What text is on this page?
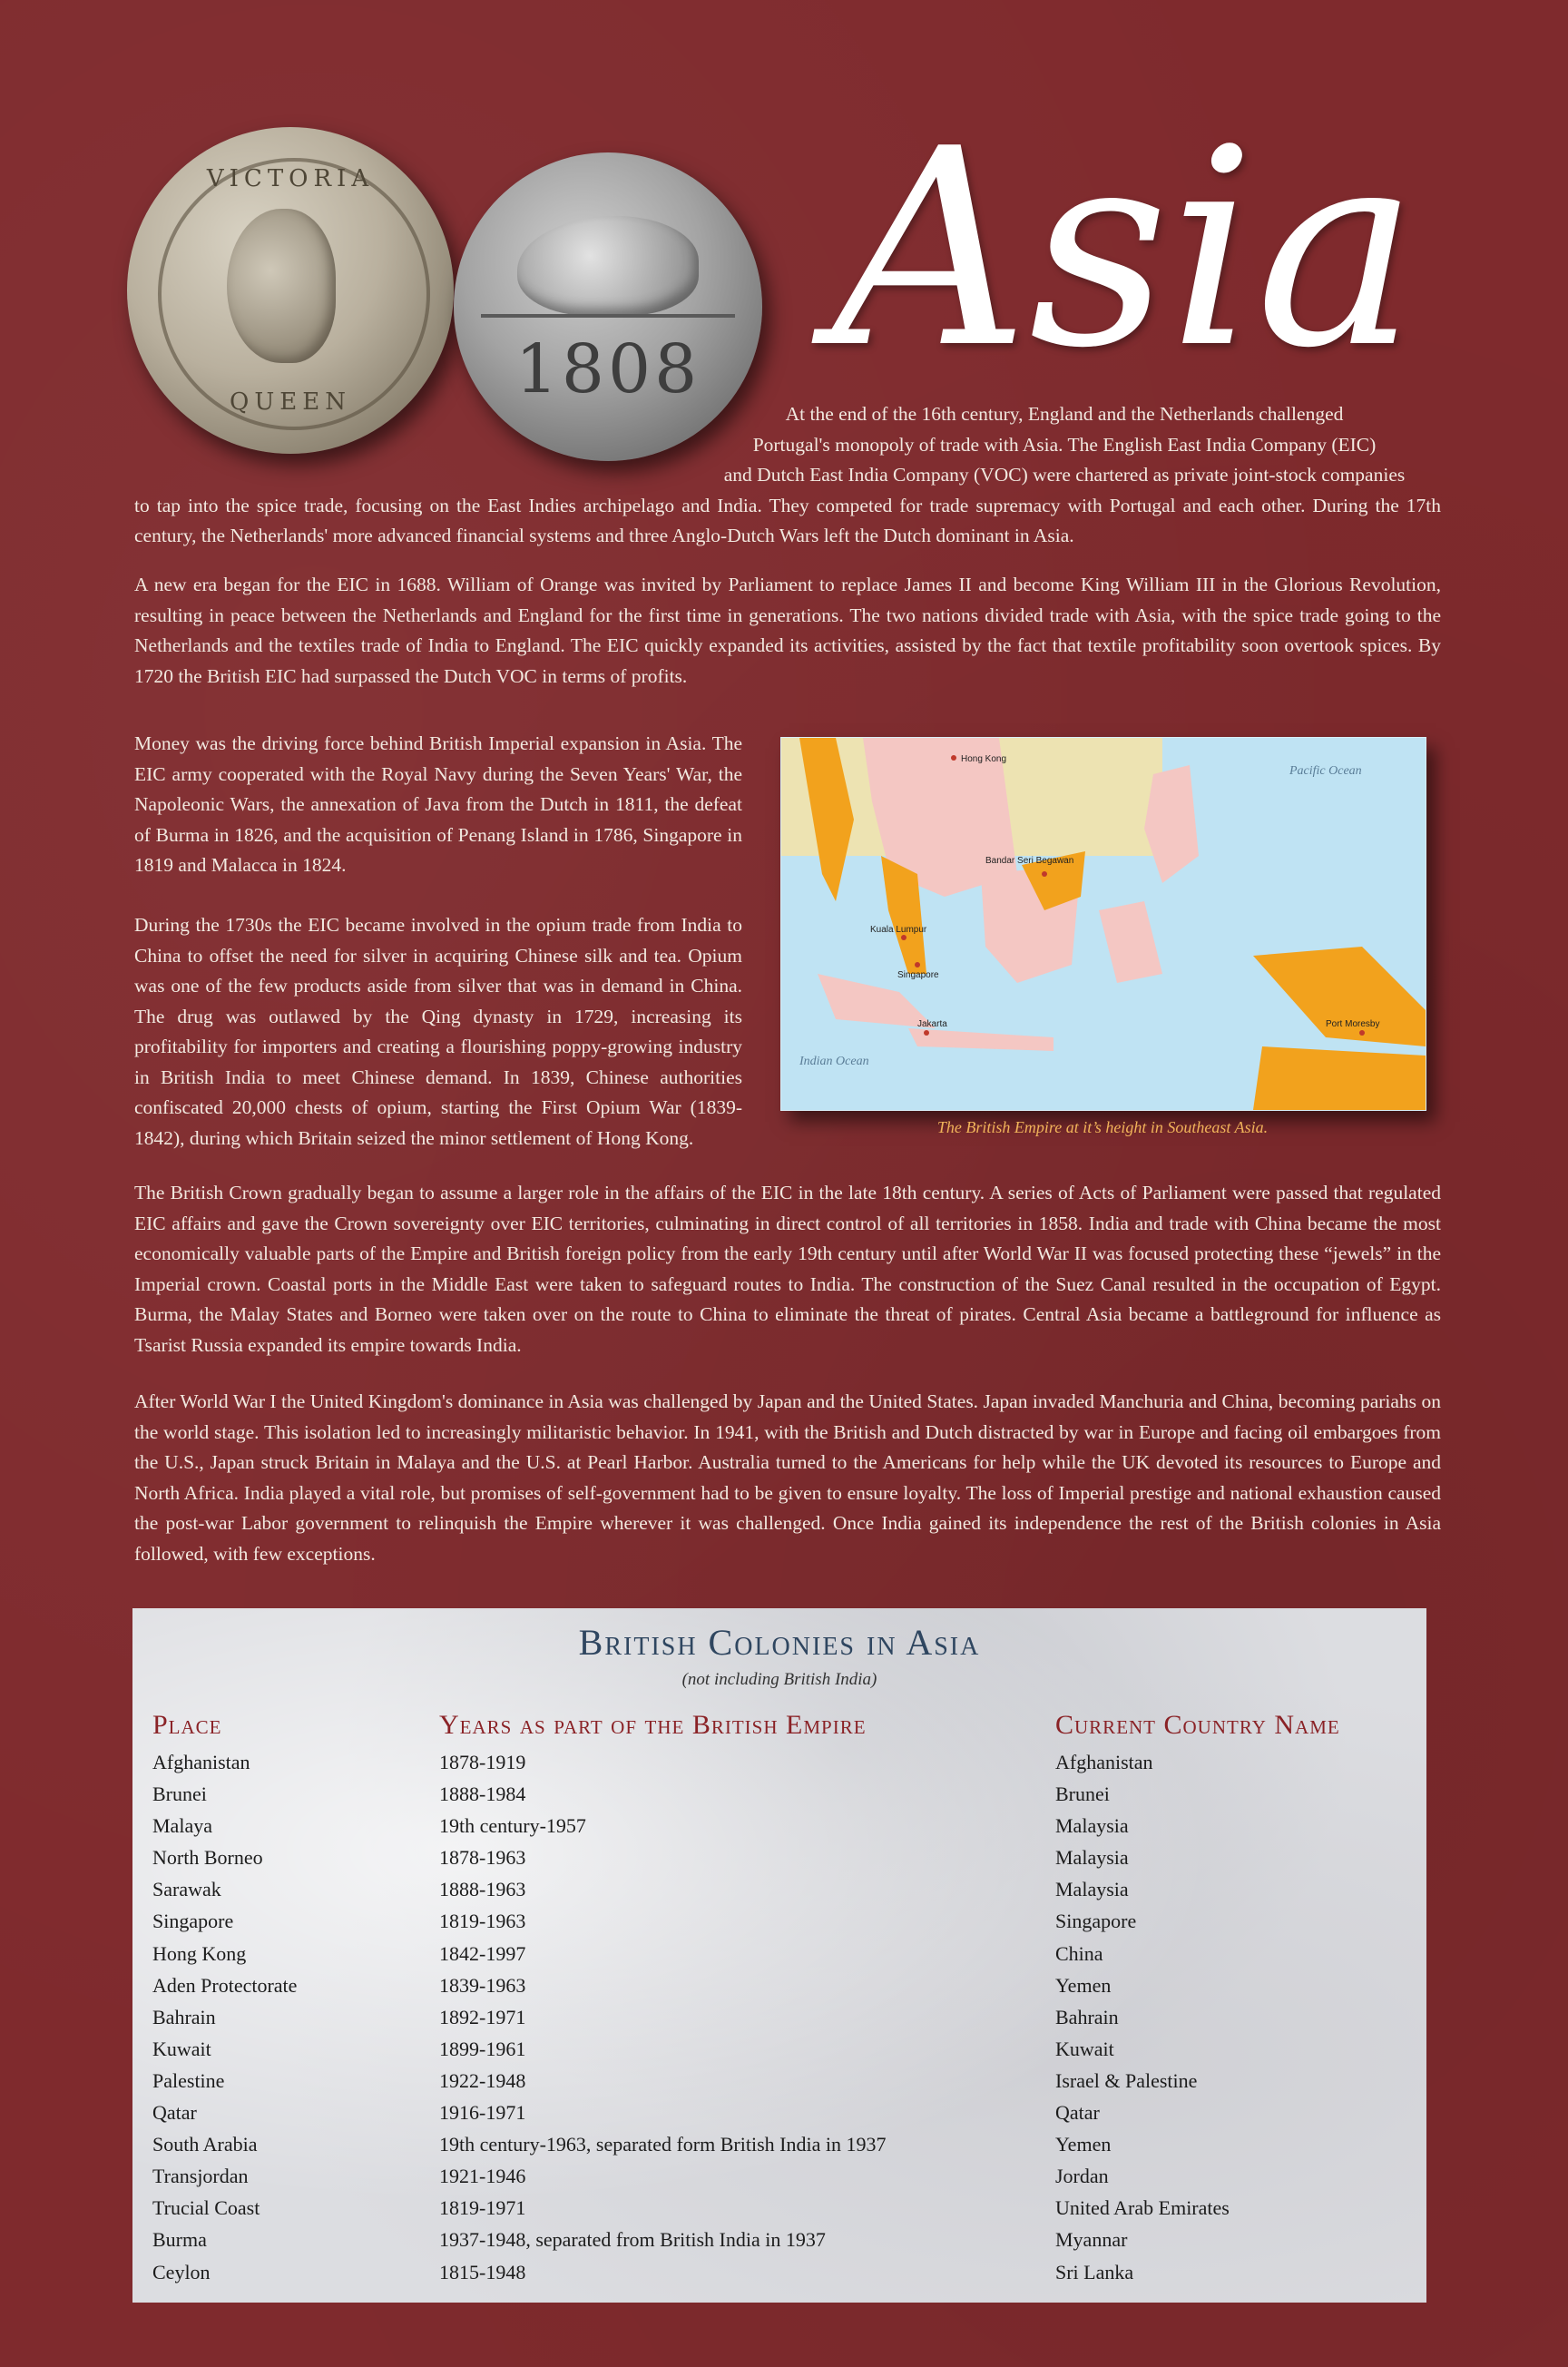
VICTORIA
QUEEN	1808 Asia
At the end of the 16th century, England and the Netherlands challenged
Portugal's monopoly of trade with Asia. The English East India Company (EIC)
and Dutch East India Company (VOC) were chartered as private joint-stock companies

to tap into the spice trade, focusing on the East Indies archipelago and India. They competed for trade supremacy with Portugal and each other. During the 17th century, the Netherlands' more advanced financial systems and three Anglo-Dutch Wars left the Dutch dominant in Asia.

A new era began for the EIC in 1688. William of Orange was invited by Parliament to replace James II and become King William III in the Glorious Revolution, resulting in peace between the Netherlands and England for the first time in generations. The two nations divided trade with Asia, with the spice trade going to the Netherlands and the textiles trade of India to England. The EIC quickly expanded its activities, assisted by the fact that textile profitability soon overtook spices. By 1720 the British EIC had surpassed the Dutch VOC in terms of profits.

Money was the driving force behind British Imperial expansion in Asia. The EIC army cooperated with the Royal Navy during the Seven Years' War, the Napoleonic Wars, the annexation of Java from the Dutch in 1811, the defeat of Burma in 1826, and the acquisition of Penang Island in 1786, Singapore in 1819 and Malacca in 1824.

During the 1730s the EIC became involved in the opium trade from India to China to offset the need for silver in acquiring Chinese silk and tea. Opium was one of the few products aside from silver that was in demand in China. The drug was outlawed by the Qing dynasty in 1729, increasing its profitability for importers and creating a flourishing poppy-growing industry in British India to meet Chinese demand. In 1839, Chinese authorities confiscated 20,000 chests of opium, starting the First Opium War (1839-1842), during which Britain seized the minor settlement of Hong Kong.

Pacific Ocean
Indian Ocean
Hong Kong
Kuala Lumpur
Singapore
Bandar Seri Begawan
Port Moresby
Jakarta
The British Empire at it’s height in Southeast Asia.

The British Crown gradually began to assume a larger role in the affairs of the EIC in the late 18th century. A series of Acts of Parliament were passed that regulated EIC affairs and gave the Crown sovereignty over EIC territories, culminating in direct control of all territories in 1858. India and trade with China became the most economically valuable parts of the Empire and British foreign policy from the early 19th century until after World War II was focused protecting these “jewels” in the Imperial crown. Coastal ports in the Middle East were taken to safeguard routes to India. The construction of the Suez Canal resulted in the occupation of Egypt. Burma, the Malay States and Borneo were taken over on the route to China to eliminate the threat of pirates. Central Asia became a battleground for influence as Tsarist Russia expanded its empire towards India.

After World War I the United Kingdom's dominance in Asia was challenged by Japan and the United States. Japan invaded Manchuria and China, becoming pariahs on the world stage. This isolation led to increasingly militaristic behavior. In 1941, with the British and Dutch distracted by war in Europe and facing oil embargoes from the U.S., Japan struck Britain in Malaya and the U.S. at Pearl Harbor. Australia turned to the Americans for help while the UK devoted its resources to Europe and North Africa. India played a vital role, but promises of self-government had to be given to ensure loyalty. The loss of Imperial prestige and national exhaustion caused the post-war Labor government to relinquish the Empire wherever it was challenged. Once India gained its independence the rest of the British colonies in Asia followed, with few exceptions.

British Colonies in Asia
(not including British India)
Place	Years as part of the British Empire	Current Country Name
Afghanistan	1878-1919	Afghanistan
Brunei	1888-1984	Brunei
Malaya	19th century-1957	Malaysia
North Borneo	1878-1963	Malaysia
Sarawak	1888-1963	Malaysia
Singapore	1819-1963	Singapore
Hong Kong	1842-1997	China
Aden Protectorate	1839-1963	Yemen
Bahrain	1892-1971	Bahrain
Kuwait	1899-1961	Kuwait
Palestine	1922-1948	Israel & Palestine
Qatar	1916-1971	Qatar
South Arabia	19th century-1963, separated form British India in 1937	Yemen
Transjordan	1921-1946	Jordan
Trucial Coast	1819-1971	United Arab Emirates
Burma	1937-1948, separated from British India in 1937	Myannar
Ceylon	1815-1948	Sri Lanka
